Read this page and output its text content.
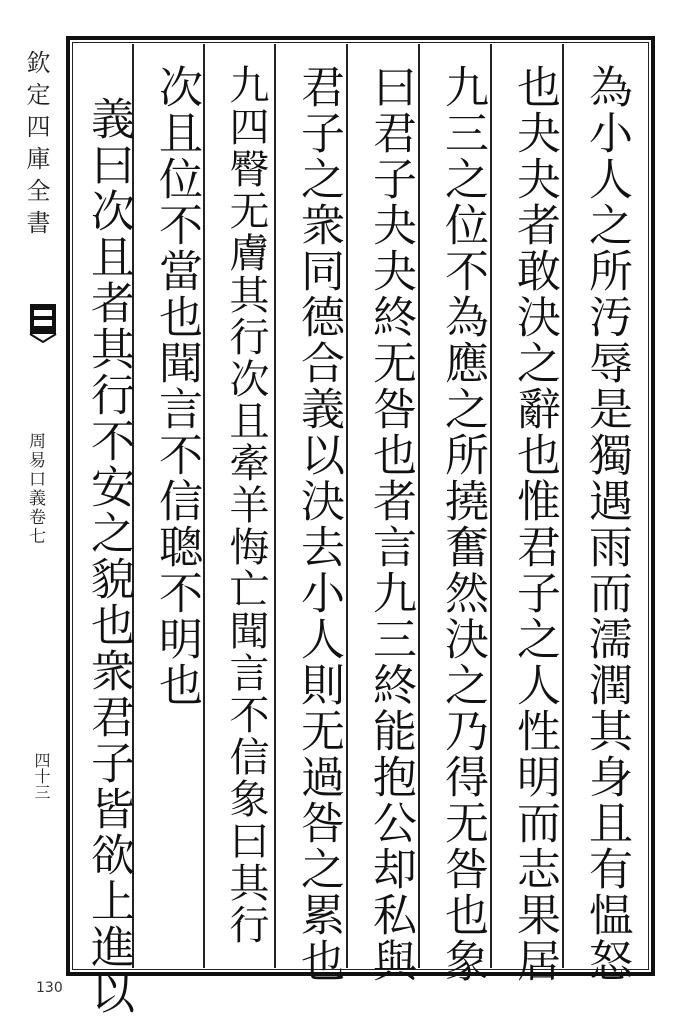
欽定四庫全書
周易口義卷七
四十三	為小人之所汚辱是獨遇雨而濡潤其身且有愠怒
也夬夬者敢決之辭也惟君子之人性明而志果居
九三之位不為應之所撓奮然決之乃得无咎也象
曰君子夬夬終无咎也者言九三終能抱公却私與
君子之衆同德合義以決去小人則无過咎之累也
九四臀无膚其行次且牽羊悔亡聞言不信象曰其行
次且位不當也聞言不信聰不明也
義曰次且者其行不安之貌也衆君子皆欲上進以
130
